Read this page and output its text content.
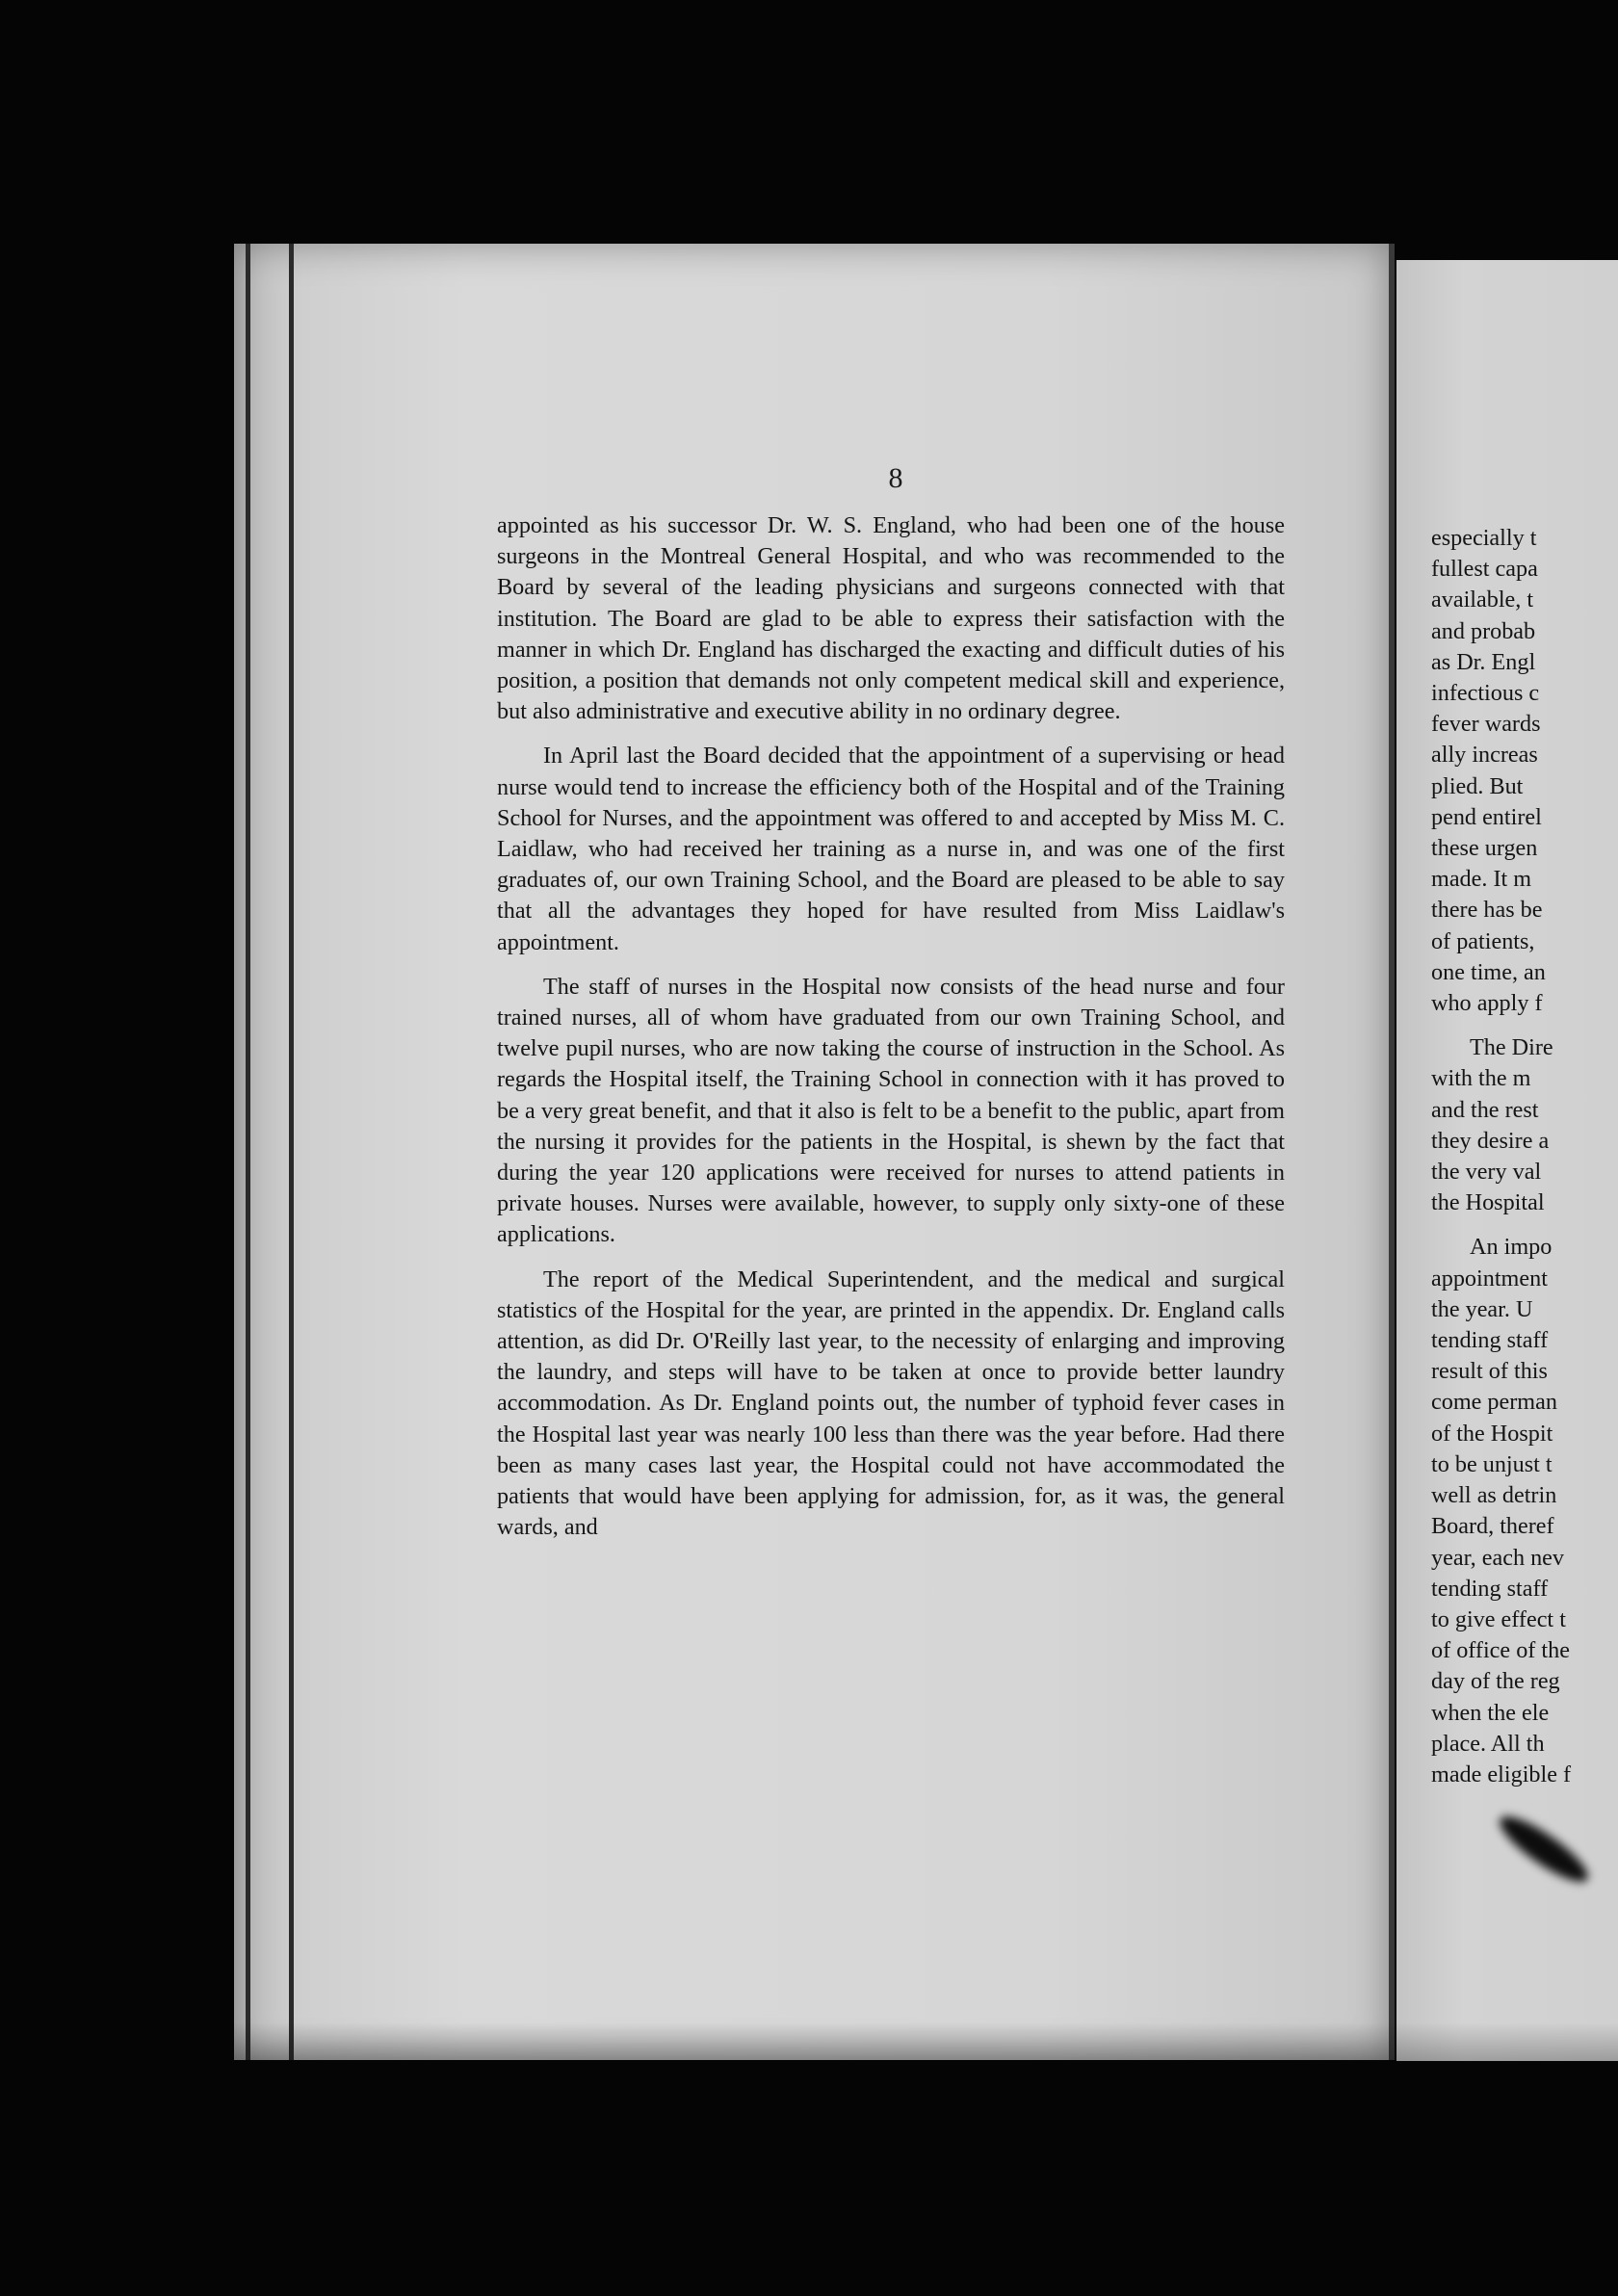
8

appointed as his successor Dr. W. S. England, who had been one of the house surgeons in the Montreal General Hospital, and who was recommended to the Board by several of the leading physicians and surgeons connected with that institution. The Board are glad to be able to express their satisfaction with the manner in which Dr. England has discharged the exacting and difficult duties of his position, a position that demands not only competent medical skill and experience, but also administrative and executive ability in no ordinary degree.

In April last the Board decided that the appointment of a supervising or head nurse would tend to increase the efficiency both of the Hospital and of the Training School for Nurses, and the appointment was offered to and accepted by Miss M. C. Laidlaw, who had received her training as a nurse in, and was one of the first graduates of, our own Training School, and the Board are pleased to be able to say that all the advantages they hoped for have resulted from Miss Laidlaw's appointment.

The staff of nurses in the Hospital now consists of the head nurse and four trained nurses, all of whom have graduated from our own Training School, and twelve pupil nurses, who are now taking the course of instruction in the School. As regards the Hospital itself, the Training School in connection with it has proved to be a very great benefit, and that it also is felt to be a benefit to the public, apart from the nursing it provides for the patients in the Hospital, is shewn by the fact that during the year 120 applications were received for nurses to attend patients in private houses. Nurses were available, however, to supply only sixty-one of these applications.

The report of the Medical Superintendent, and the medical and surgical statistics of the Hospital for the year, are printed in the appendix. Dr. England calls attention, as did Dr. O'Reilly last year, to the necessity of enlarging and improving the laundry, and steps will have to be taken at once to provide better laundry accommodation. As Dr. England points out, the number of typhoid fever cases in the Hospital last year was nearly 100 less than there was the year before. Had there been as many cases last year, the Hospital could not have accommodated the patients that would have been applying for admission, for, as it was, the general wards, and

especially t
fullest capa
available, t
and probab
as Dr. Engl
infectious c
fever wards
ally increas
plied. But
pend entirel
these urgen
made. It m
there has be
of patients,
one time, an
who apply f
The Dire
with the m
and the rest
they desire a
the very val
the Hospital
An impo
appointment
the year. U
tending staff
result of this
come perman
of the Hospit
to be unjust t
well as detrin
Board, theref
year, each nev
tending staff
to give effect t
of office of the
day of the reg
when the ele
place. All th
made eligible f
